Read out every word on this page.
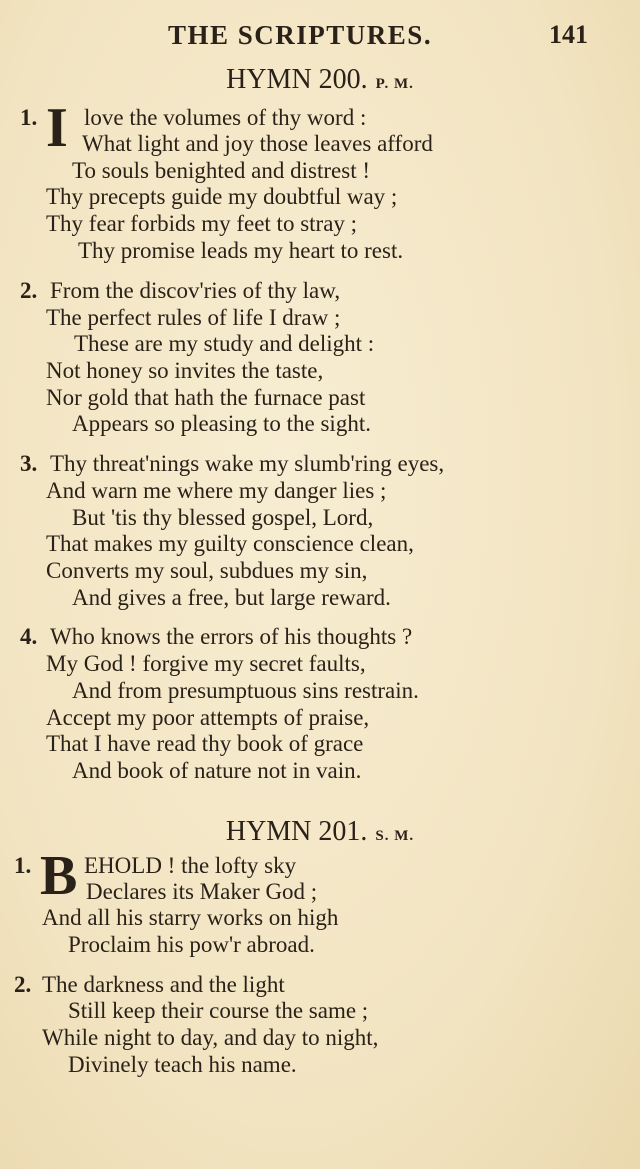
THE SCRIPTURES.	141
HYMN 200. P. M.
1. I love the volumes of thy word :
What light and joy those leaves afford
To souls benighted and distrest !
Thy precepts guide my doubtful way ;
Thy fear forbids my feet to stray ;
Thy promise leads my heart to rest.
2. From the discov'ries of thy law,
The perfect rules of life I draw ;
These are my study and delight :
Not honey so invites the taste,
Nor gold that hath the furnace past
Appears so pleasing to the sight.
3. Thy threat'nings wake my slumb'ring eyes,
And warn me where my danger lies ;
But 'tis thy blessed gospel, Lord,
That makes my guilty conscience clean,
Converts my soul, subdues my sin,
And gives a free, but large reward.
4. Who knows the errors of his thoughts ?
My God ! forgive my secret faults,
And from presumptuous sins restrain.
Accept my poor attempts of praise,
That I have read thy book of grace
And book of nature not in vain.
HYMN 201. S. M.
1. B EHOLD ! the lofty sky
Declares its Maker God ;
And all his starry works on high
Proclaim his pow'r abroad.
2. The darkness and the light
Still keep their course the same ;
While night to day, and day to night,
Divinely teach his name.
